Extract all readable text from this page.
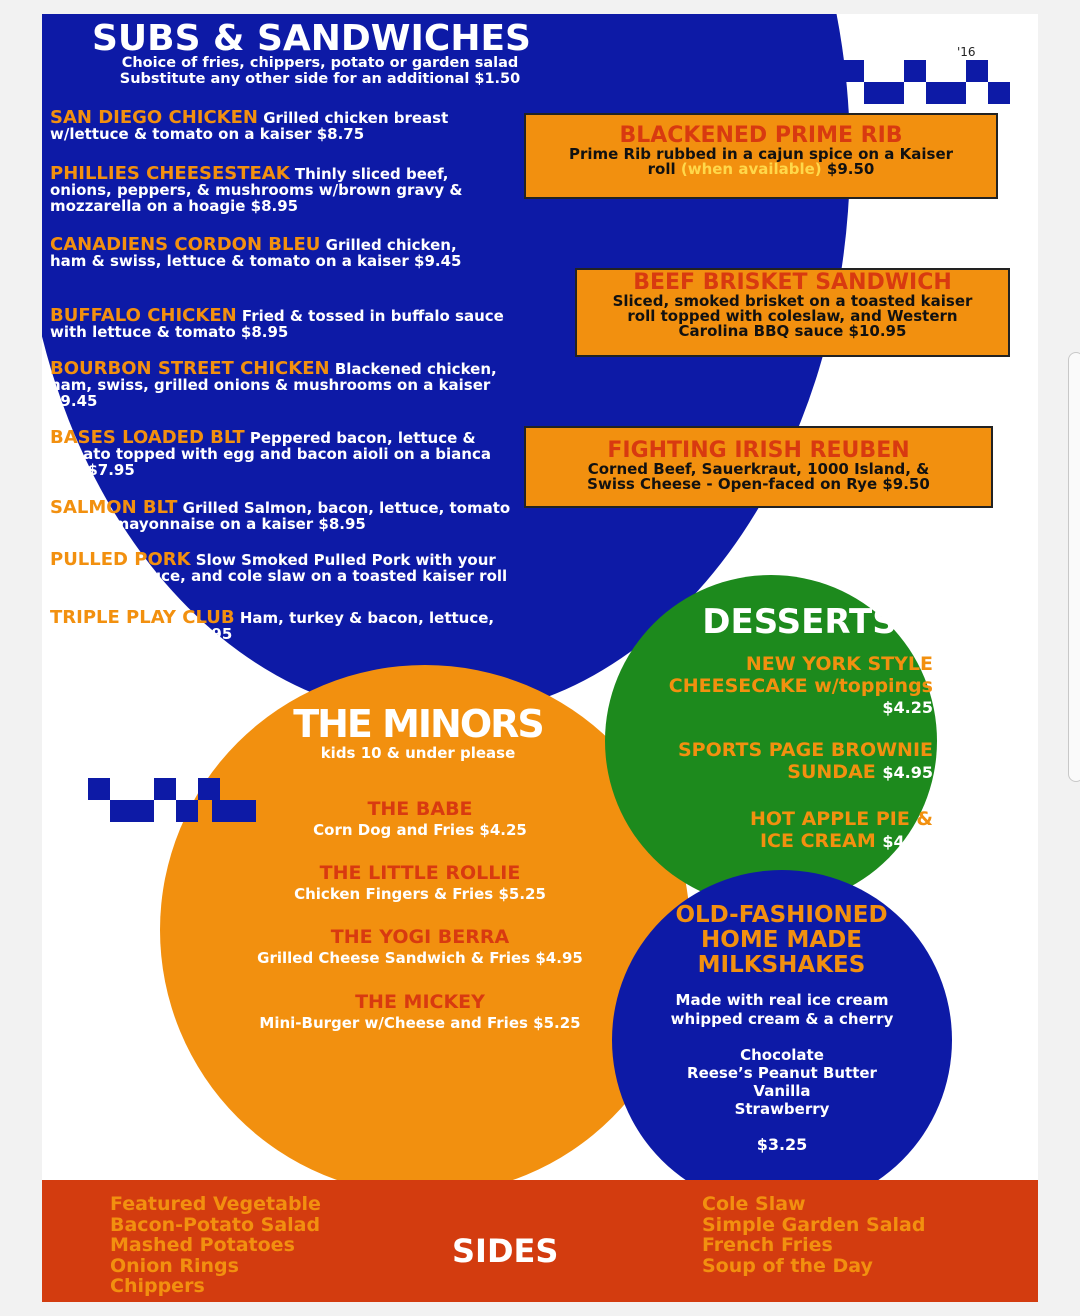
SUBS & SANDWICHES
Choice of fries, chippers, potato or garden salad
Substitute any other side for an additional $1.50
'16
SAN DIEGO CHICKEN Grilled chicken breast w/lettuce & tomato on a kaiser $8.75
PHILLIES CHEESESTEAK Thinly sliced beef, onions, peppers, & mushrooms w/brown gravy & mozzarella on a hoagie $8.95
CANADIENS CORDON BLEU Grilled chicken, ham & swiss, lettuce & tomato on a kaiser $9.45
BUFFALO CHICKEN Fried & tossed in buffalo sauce with lettuce & tomato $8.95
BOURBON STREET CHICKEN Blackened chicken, ham, swiss, grilled onions & mushrooms on a kaiser $9.45
BASES LOADED BLT Peppered bacon, lettuce & tomato topped with egg and bacon aioli on a bianca bun $7.95
SALMON BLT Grilled Salmon, bacon, lettuce, tomato & basil mayonnaise on a kaiser $8.95
PULLED PORK Slow Smoked Pulled Pork with your choice of sauce, and cole slaw on a toasted kaiser roll $8.95
TRIPLE PLAY CLUB Ham, turkey & bacon, lettuce, tomato & mayo $8.95
BLACKENED PRIME RIB
Prime Rib rubbed in a cajun spice on a Kaiser
roll (when available) $9.50
BEEF BRISKET SANDWICH
Sliced, smoked brisket on a toasted kaiser
roll topped with coleslaw, and Western
Carolina BBQ sauce $10.95
FIGHTING IRISH REUBEN
Corned Beef, Sauerkraut, 1000 Island, &
Swiss Cheese - Open-faced on Rye $9.50
DESSERTS
NEW YORK STYLE
CHEESECAKE w/toppings
$4.25
SPORTS PAGE BROWNIE
SUNDAE $4.95
HOT APPLE PIE &
ICE CREAM $4.25
THE MINORS
kids 10 & under please
THE BABE
Corn Dog and Fries $4.25
THE LITTLE ROLLIE
Chicken Fingers & Fries $5.25
THE YOGI BERRA
Grilled Cheese Sandwich & Fries $4.95
THE MICKEY
Mini-Burger w/Cheese and Fries $5.25
OLD-FASHIONED
HOME MADE
MILKSHAKES
Made with real ice cream
whipped cream & a cherry
Chocolate
Reese’s Peanut Butter
Vanilla
Strawberry
$3.25
Featured Vegetable
Bacon-Potato Salad
Mashed Potatoes
Onion Rings
Chippers
SIDES
Cole Slaw
Simple Garden Salad
French Fries
Soup of the Day
